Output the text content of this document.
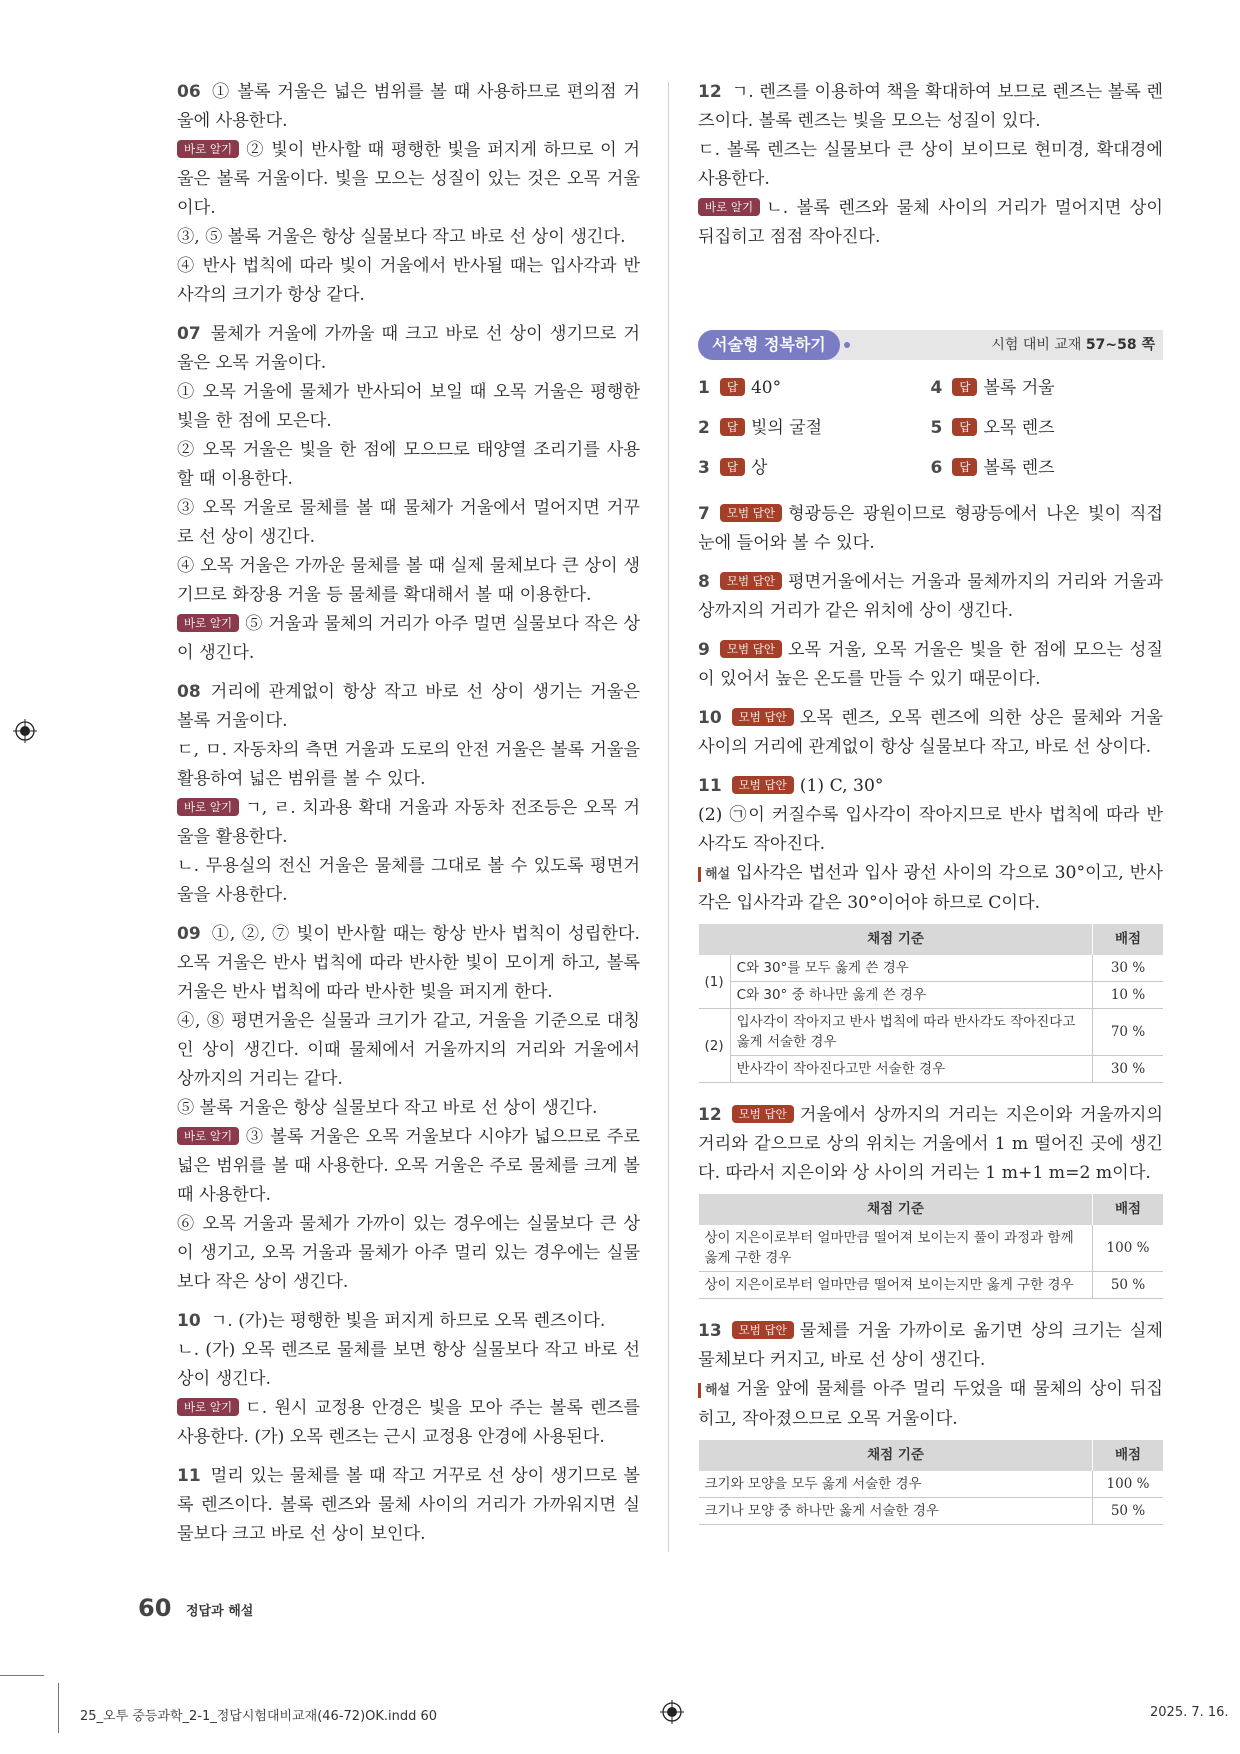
06 ① 볼록 거울은 넓은 범위를 볼 때 사용하므로 편의점 거울에 사용한다.

바로 알기 ② 빛이 반사할 때 평행한 빛을 퍼지게 하므로 이 거울은 볼록 거울이다. 빛을 모으는 성질이 있는 것은 오목 거울이다.

③, ⑤ 볼록 거울은 항상 실물보다 작고 바로 선 상이 생긴다.

④ 반사 법칙에 따라 빛이 거울에서 반사될 때는 입사각과 반사각의 크기가 항상 같다.

07 물체가 거울에 가까울 때 크고 바로 선 상이 생기므로 거울은 오목 거울이다.

① 오목 거울에 물체가 반사되어 보일 때 오목 거울은 평행한 빛을 한 점에 모은다.

② 오목 거울은 빛을 한 점에 모으므로 태양열 조리기를 사용할 때 이용한다.

③ 오목 거울로 물체를 볼 때 물체가 거울에서 멀어지면 거꾸로 선 상이 생긴다.

④ 오목 거울은 가까운 물체를 볼 때 실제 물체보다 큰 상이 생기므로 화장용 거울 등 물체를 확대해서 볼 때 이용한다.

바로 알기 ⑤ 거울과 물체의 거리가 아주 멀면 실물보다 작은 상이 생긴다.

08 거리에 관계없이 항상 작고 바로 선 상이 생기는 거울은 볼록 거울이다.

ㄷ, ㅁ. 자동차의 측면 거울과 도로의 안전 거울은 볼록 거울을 활용하여 넓은 범위를 볼 수 있다.

바로 알기 ㄱ, ㄹ. 치과용 확대 거울과 자동차 전조등은 오목 거울을 활용한다.

ㄴ. 무용실의 전신 거울은 물체를 그대로 볼 수 있도록 평면거울을 사용한다.

09 ①, ②, ⑦ 빛이 반사할 때는 항상 반사 법칙이 성립한다. 오목 거울은 반사 법칙에 따라 반사한 빛이 모이게 하고, 볼록 거울은 반사 법칙에 따라 반사한 빛을 퍼지게 한다.

④, ⑧ 평면거울은 실물과 크기가 같고, 거울을 기준으로 대칭인 상이 생긴다. 이때 물체에서 거울까지의 거리와 거울에서 상까지의 거리는 같다.

⑤ 볼록 거울은 항상 실물보다 작고 바로 선 상이 생긴다.

바로 알기 ③ 볼록 거울은 오목 거울보다 시야가 넓으므로 주로 넓은 범위를 볼 때 사용한다. 오목 거울은 주로 물체를 크게 볼 때 사용한다.

⑥ 오목 거울과 물체가 가까이 있는 경우에는 실물보다 큰 상이 생기고, 오목 거울과 물체가 아주 멀리 있는 경우에는 실물보다 작은 상이 생긴다.

10 ㄱ. (가)는 평행한 빛을 퍼지게 하므로 오목 렌즈이다.

ㄴ. (가) 오목 렌즈로 물체를 보면 항상 실물보다 작고 바로 선 상이 생긴다.

바로 알기 ㄷ. 원시 교정용 안경은 빛을 모아 주는 볼록 렌즈를 사용한다. (가) 오목 렌즈는 근시 교정용 안경에 사용된다.

11 멀리 있는 물체를 볼 때 작고 거꾸로 선 상이 생기므로 볼록 렌즈이다. 볼록 렌즈와 물체 사이의 거리가 가까워지면 실물보다 크고 바로 선 상이 보인다.

12 ㄱ. 렌즈를 이용하여 책을 확대하여 보므로 렌즈는 볼록 렌즈이다. 볼록 렌즈는 빛을 모으는 성질이 있다.

ㄷ. 볼록 렌즈는 실물보다 큰 상이 보이므로 현미경, 확대경에 사용한다.

바로 알기 ㄴ. 볼록 렌즈와 물체 사이의 거리가 멀어지면 상이 뒤집히고 점점 작아진다.

서술형 정복하기	시험 대비 교재 57~58 쪽
1 답 40°	4 답 볼록 거울
2 답 빛의 굴절	5 답 오목 렌즈
3 답 상	6 답 볼록 렌즈

7 모범 답안 형광등은 광원이므로 형광등에서 나온 빛이 직접 눈에 들어와 볼 수 있다.

8 모범 답안 평면거울에서는 거울과 물체까지의 거리와 거울과 상까지의 거리가 같은 위치에 상이 생긴다.

9 모범 답안 오목 거울, 오목 거울은 빛을 한 점에 모으는 성질이 있어서 높은 온도를 만들 수 있기 때문이다.

10 모범 답안 오목 렌즈, 오목 렌즈에 의한 상은 물체와 거울 사이의 거리에 관계없이 항상 실물보다 작고, 바로 선 상이다.

11 모범 답안 (1) C, 30°

(2) ㉠이 커질수록 입사각이 작아지므로 반사 법칙에 따라 반사각도 작아진다.

해설 입사각은 법선과 입사 광선 사이의 각으로 30°이고, 반사각은 입사각과 같은 30°이어야 하므로 C이다.

채점 기준		배점
(1)	C와 30°를 모두 옳게 쓴 경우	30 %
	C와 30° 중 하나만 옳게 쓴 경우	10 %
(2)	입사각이 작아지고 반사 법칙에 따라 반사각도 작아진다고 옳게 서술한 경우	70 %
	반사각이 작아진다고만 서술한 경우	30 %

12 모범 답안 거울에서 상까지의 거리는 지은이와 거울까지의 거리와 같으므로 상의 위치는 거울에서 1 m 떨어진 곳에 생긴다. 따라서 지은이와 상 사이의 거리는 1 m+1 m=2 m이다.

채점 기준	배점
상이 지은이로부터 얼마만큼 떨어져 보이는지 풀이 과정과 함께 옳게 구한 경우	100 %
상이 지은이로부터 얼마만큼 떨어져 보이는지만 옳게 구한 경우	50 %

13 모범 답안 물체를 거울 가까이로 옮기면 상의 크기는 실제 물체보다 커지고, 바로 선 상이 생긴다.

해설 거울 앞에 물체를 아주 멀리 두었을 때 물체의 상이 뒤집히고, 작아졌으므로 오목 거울이다.

채점 기준	배점
크기와 모양을 모두 옳게 서술한 경우	100 %
크기나 모양 중 하나만 옳게 서술한 경우	50 %
60 정답과 해설
25_오투 중등과학_2-1_정답시험대비교재(46-72)OK.indd 60	2025. 7. 16.
